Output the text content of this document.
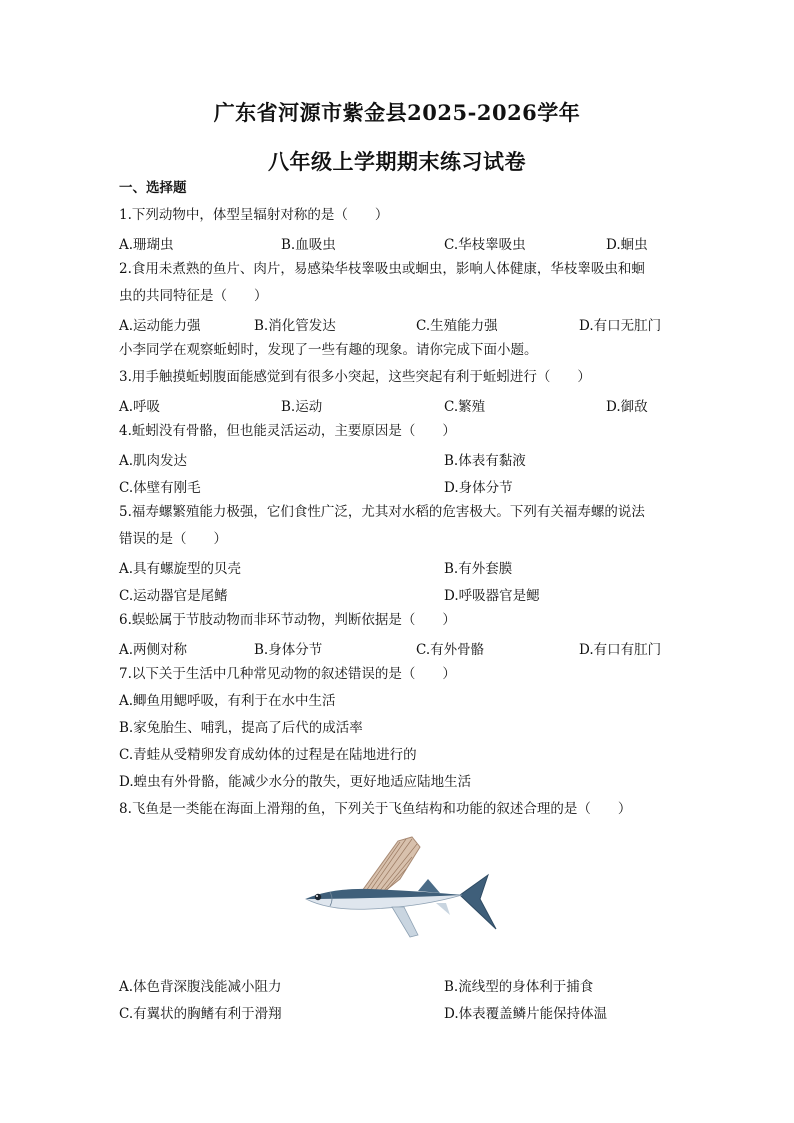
广东省河源市紫金县2025-2026学年
八年级上学期期末练习试卷
一、选择题
1.下列动物中，体型呈辐射对称的是（　　）
A.珊瑚虫	B.血吸虫	C.华枝睾吸虫	D.蛔虫
2.食用未煮熟的鱼片、肉片，易感染华枝睾吸虫或蛔虫，影响人体健康，华枝睾吸虫和蛔
虫的共同特征是（　　）
A.运动能力强	B.消化管发达	C.生殖能力强	D.有口无肛门
小李同学在观察蚯蚓时，发现了一些有趣的现象。请你完成下面小题。
3.用手触摸蚯蚓腹面能感觉到有很多小突起，这些突起有利于蚯蚓进行（　　）
A.呼吸	B.运动	C.繁殖	D.御敌
4.蚯蚓没有骨骼，但也能灵活运动，主要原因是（　　）
A.肌肉发达	B.体表有黏液
C.体壁有刚毛	D.身体分节
5.福寿螺繁殖能力极强，它们食性广泛，尤其对水稻的危害极大。下列有关福寿螺的说法
错误的是（　　）
A.具有螺旋型的贝壳	B.有外套膜
C.运动器官是尾鳍	D.呼吸器官是鳃
6.蜈蚣属于节肢动物而非环节动物，判断依据是（　　）
A.两侧对称	B.身体分节	C.有外骨骼	D.有口有肛门
7.以下关于生活中几种常见动物的叙述错误的是（　　）
A.鲫鱼用鳃呼吸，有利于在水中生活
B.家兔胎生、哺乳，提高了后代的成活率
C.青蛙从受精卵发育成幼体的过程是在陆地进行的
D.蝗虫有外骨骼，能减少水分的散失，更好地适应陆地生活
8.飞鱼是一类能在海面上滑翔的鱼，下列关于飞鱼结构和功能的叙述合理的是（　　）
A.体色背深腹浅能减小阻力	B.流线型的身体利于捕食
C.有翼状的胸鳍有利于滑翔	D.体表覆盖鳞片能保持体温
